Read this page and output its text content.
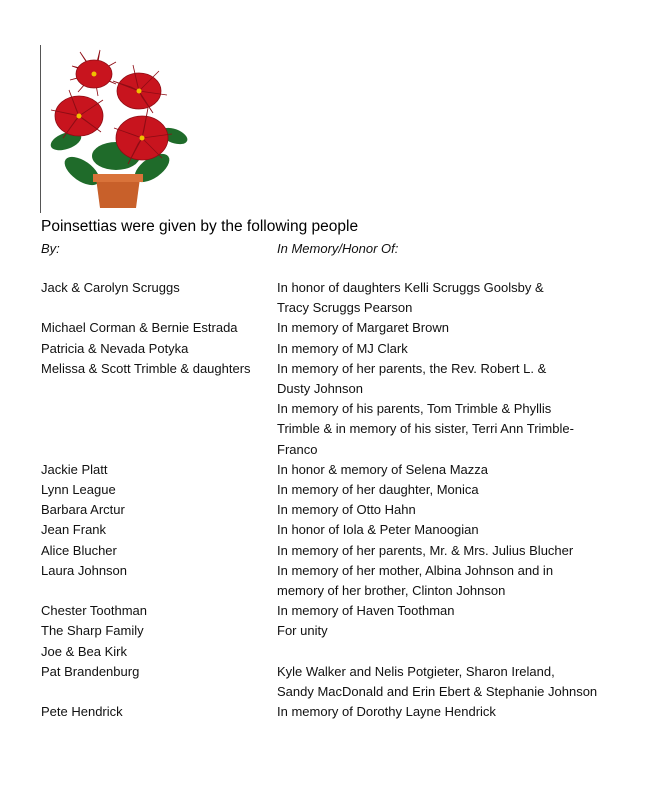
Poinsettias were given by the following people
By:	In Memory/Honor Of:
Jack & Carolyn Scruggs	In honor of daughters Kelli Scruggs Goolsby &
Tracy Scruggs Pearson
Michael Corman & Bernie Estrada	In memory of Margaret Brown
Patricia & Nevada Potyka	In memory of MJ Clark
Melissa & Scott Trimble & daughters	In memory of her parents, the Rev. Robert L. &
Dusty Johnson
In memory of his parents, Tom Trimble & Phyllis
Trimble & in memory of his sister, Terri Ann Trimble-
Franco
Jackie Platt	In honor & memory of Selena Mazza
Lynn League	In memory of her daughter, Monica
Barbara Arctur	In memory of Otto Hahn
Jean Frank	In honor of Iola & Peter Manoogian
Alice Blucher	In memory of her parents, Mr. & Mrs. Julius Blucher
Laura Johnson	In memory of her mother, Albina Johnson and in
memory of her brother, Clinton Johnson
Chester Toothman	In memory of Haven Toothman
The Sharp Family	For unity
Joe & Bea Kirk
Pat Brandenburg	Kyle Walker and Nelis Potgieter, Sharon Ireland,
Sandy MacDonald and Erin Ebert & Stephanie Johnson
Pete Hendrick	In memory of Dorothy Layne Hendrick
